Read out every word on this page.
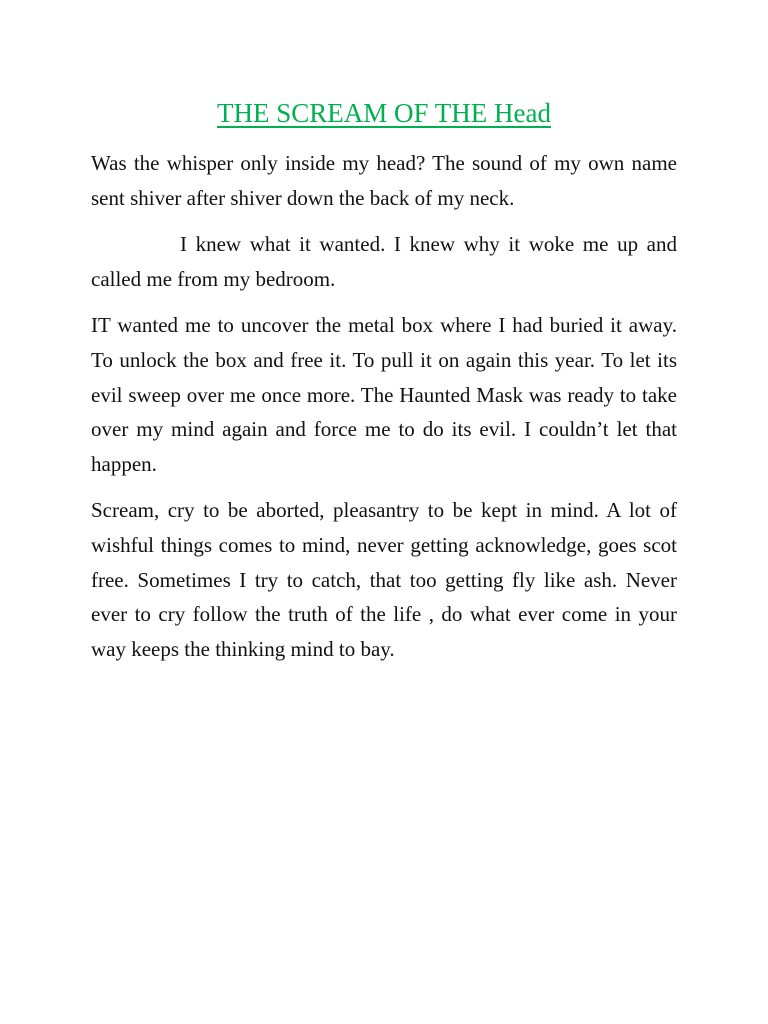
THE SCREAM OF THE Head

Was the whisper only inside my head? The sound of my own name sent shiver after shiver down the back of my neck.

I knew what it wanted. I knew why it woke me up and called me from my bedroom.

IT wanted me to uncover the metal box where I had buried it away. To unlock the box and free it. To pull it on again this year. To let its evil sweep over me once more. The Haunted Mask was ready to take over my mind again and force me to do its evil. I couldn’t let that happen.

Scream, cry to be aborted, pleasantry to be kept in mind. A lot of wishful things comes to mind, never getting acknowledge, goes scot free. Sometimes I try to catch, that too getting fly like ash. Never ever to cry follow the truth of the life , do what ever come in your way keeps the thinking mind to bay.
